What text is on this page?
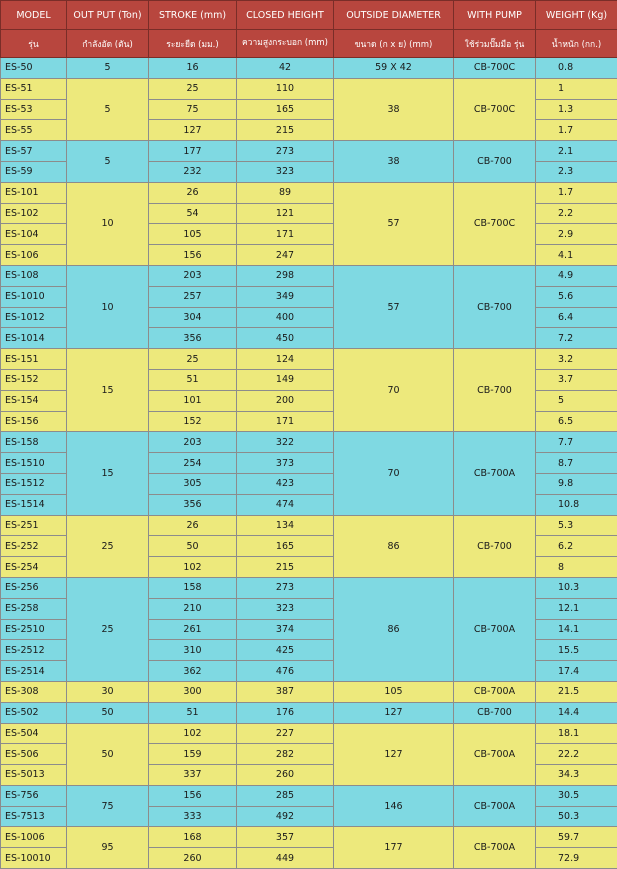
MODEL	OUT PUT (Ton)	STROKE (mm)	CLOSED HEIGHT	OUTSIDE DIAMETER	WITH PUMP	WEIGHT (Kg)
รุ่น	กำลังอัด (ตัน)	ระยะยืด (มม.)	ความสูงกระบอก (mm)	ขนาด (ก x ย) (mm)	ใช้ร่วมปั๊มมือ รุ่น	น้ำหนัก (กก.)
ES-50	5	16	42	59 X 42	CB-700C	0.8
ES-51	5	25	110	38	CB-700C	1
ES-53		75	165			1.3
ES-55		127	215			1.7
ES-57	5	177	273	38	CB-700	2.1
ES-59		232	323			2.3
ES-101	10	26	89	57	CB-700C	1.7
ES-102		54	121			2.2
ES-104		105	171			2.9
ES-106		156	247			4.1
ES-108	10	203	298	57	CB-700	4.9
ES-1010		257	349			5.6
ES-1012		304	400			6.4
ES-1014		356	450			7.2
ES-151	15	25	124	70	CB-700	3.2
ES-152		51	149			3.7
ES-154		101	200			5
ES-156		152	171			6.5
ES-158	15	203	322	70	CB-700A	7.7
ES-1510		254	373			8.7
ES-1512		305	423			9.8
ES-1514		356	474			10.8
ES-251	25	26	134	86	CB-700	5.3
ES-252		50	165			6.2
ES-254		102	215			8
ES-256	25	158	273	86	CB-700A	10.3
ES-258		210	323			12.1
ES-2510		261	374			14.1
ES-2512		310	425			15.5
ES-2514		362	476			17.4
ES-308	30	300	387	105	CB-700A	21.5
ES-502	50	51	176	127	CB-700	14.4
ES-504	50	102	227	127	CB-700A	18.1
ES-506		159	282			22.2
ES-5013		337	260			34.3
ES-756	75	156	285	146	CB-700A	30.5
ES-7513		333	492			50.3
ES-1006	95	168	357	177	CB-700A	59.7
ES-10010		260	449			72.9
